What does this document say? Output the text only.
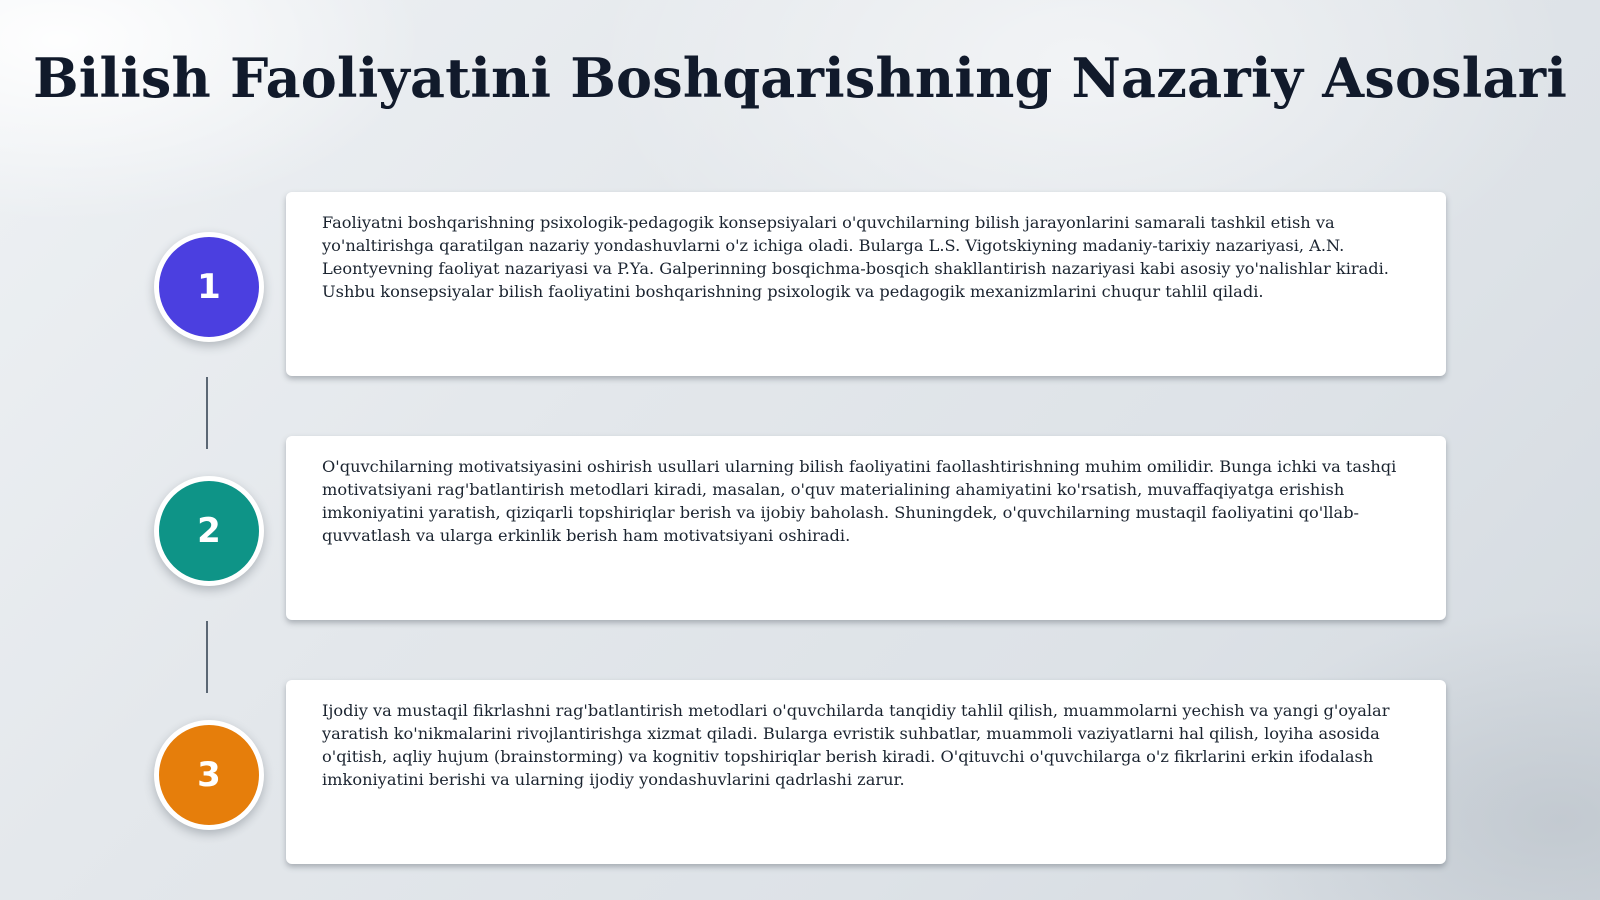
Bilish Faoliyatini Boshqarishning Nazariy Asoslari
1

Faoliyatni boshqarishning psixologik-pedagogik konsepsiyalari o'quvchilarning bilish jarayonlarini samarali tashkil etish va yo'naltirishga qaratilgan nazariy yondashuvlarni o'z ichiga oladi. Bularga L.S. Vigotskiyning madaniy-tarixiy nazariyasi, A.N. Leontyevning faoliyat nazariyasi va P.Ya. Galperinning bosqichma-bosqich shakllantirish nazariyasi kabi asosiy yo'nalishlar kiradi. Ushbu konsepsiyalar bilish faoliyatini boshqarishning psixologik va pedagogik mexanizmlarini chuqur tahlil qiladi.

2

O'quvchilarning motivatsiyasini oshirish usullari ularning bilish faoliyatini faollashtirishning muhim omilidir. Bunga ichki va tashqi motivatsiyani rag'batlantirish metodlari kiradi, masalan, o'quv materialining ahamiyatini ko'rsatish, muvaffaqiyatga erishish imkoniyatini yaratish, qiziqarli topshiriqlar berish va ijobiy baholash. Shuningdek, o'quvchilarning mustaqil faoliyatini qo'llab-quvvatlash va ularga erkinlik berish ham motivatsiyani oshiradi.

3

Ijodiy va mustaqil fikrlashni rag'batlantirish metodlari o'quvchilarda tanqidiy tahlil qilish, muammolarni yechish va yangi g'oyalar yaratish ko'nikmalarini rivojlantirishga xizmat qiladi. Bularga evristik suhbatlar, muammoli vaziyatlarni hal qilish, loyiha asosida o'qitish, aqliy hujum (brainstorming) va kognitiv topshiriqlar berish kiradi. O'qituvchi o'quvchilarga o'z fikrlarini erkin ifodalash imkoniyatini berishi va ularning ijodiy yondashuvlarini qadrlashi zarur.
